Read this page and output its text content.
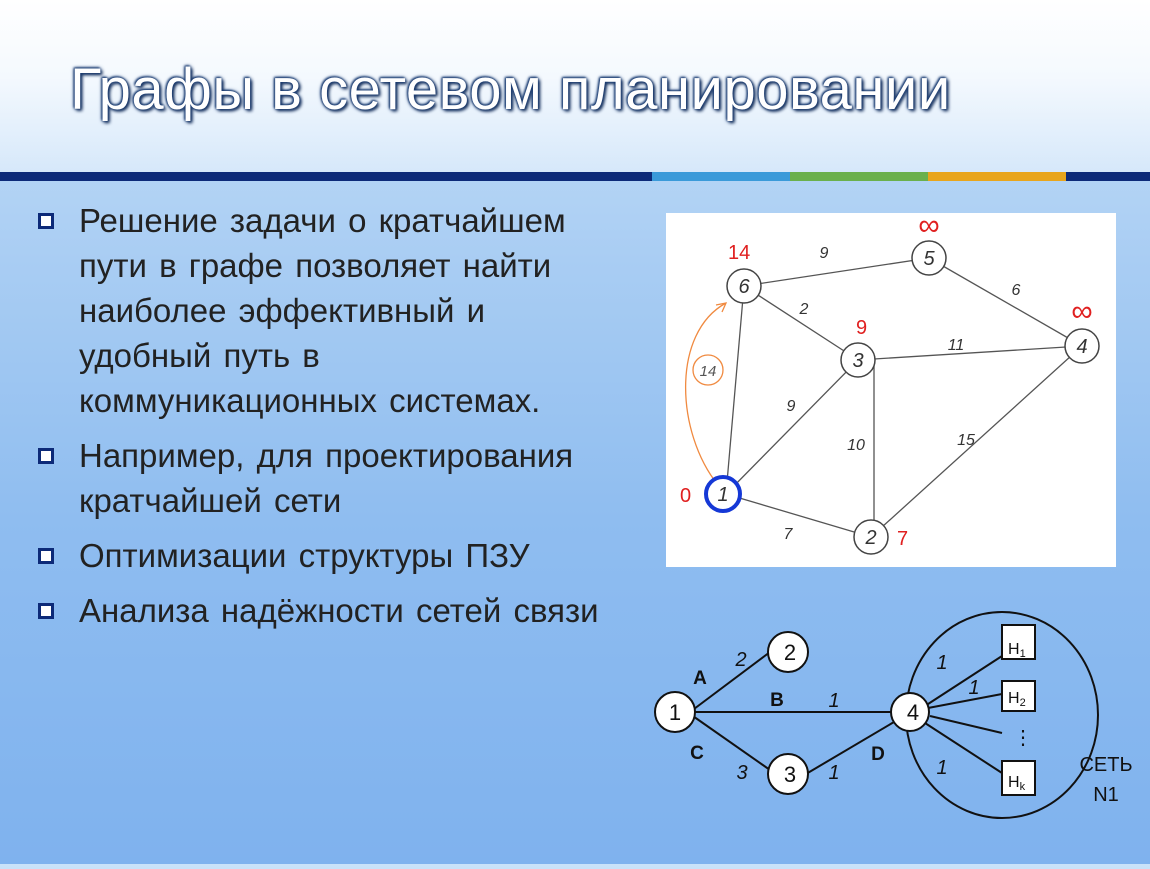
Графы в сетевом планировании
Решение задачи о кратчайшем пути в графе позволяет найти наиболее эффективный и удобный путь в коммуникационных системах.
Например, для проектирования кратчайшей сети
Оптимизации структуры ПЗУ
Анализа надёжности сетей связи
14
9
2
6
11
9
10	15
7
6
5
3
4
2
1
14
9
7
0
∞
∞
1
2
3
4
A
B
C	D
2
1
3	1
1
1
1
H1
H2
Hk
⋮
СЕТЬ
N1
